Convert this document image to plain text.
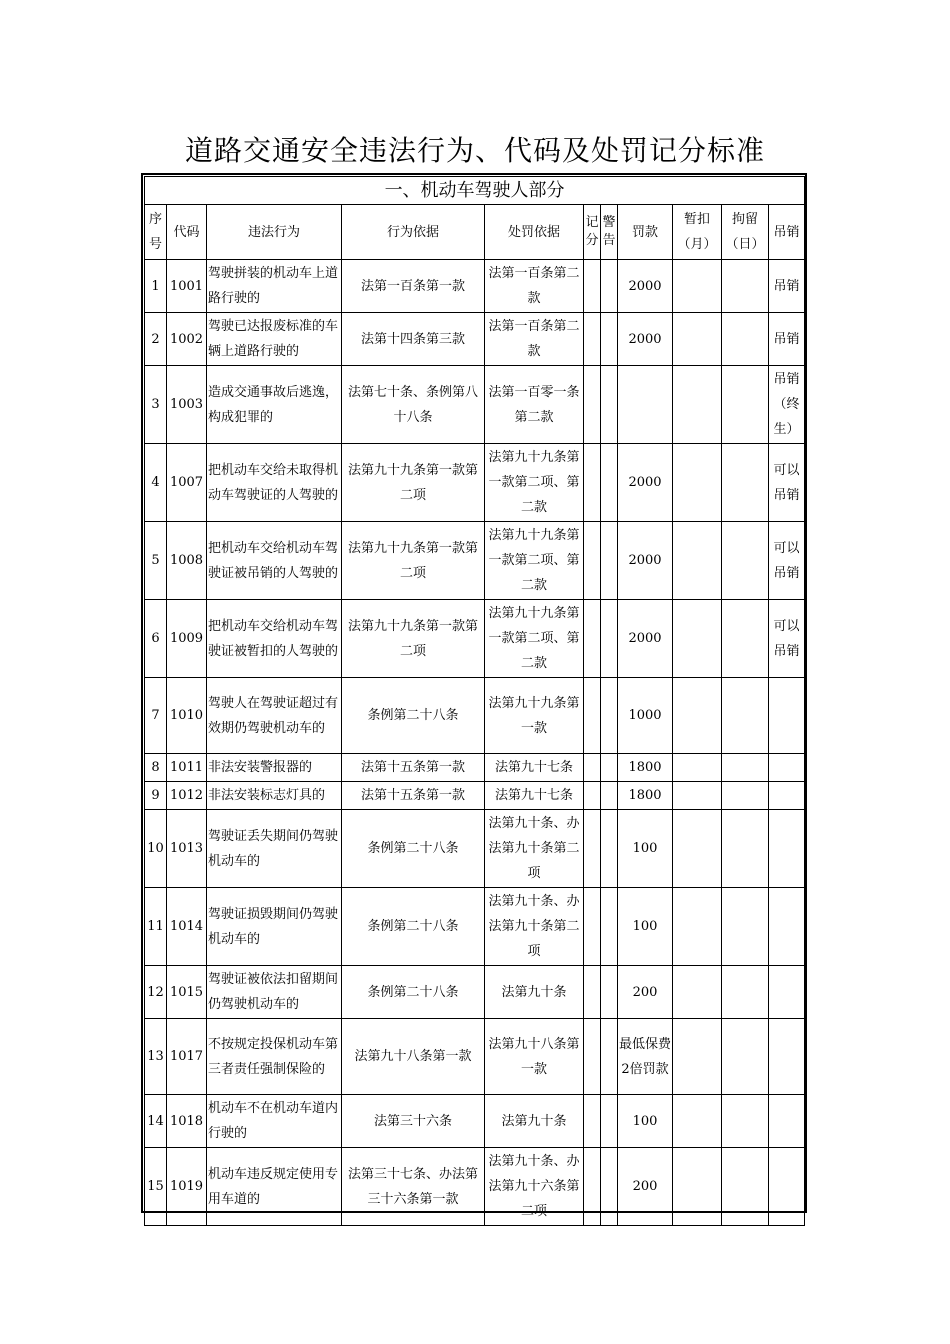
道路交通安全违法行为、代码及处罚记分标准
一、机动车驾驶人部分										
序号	代码	违法行为	行为依据	处罚依据	记分	警告	罚款	暂扣（月）	拘留（日）	吊销
1	1001	驾驶拼装的机动车上道路行驶的	法第一百条第一款	法第一百条第二款			2000			吊销
2	1002	驾驶已达报废标准的车辆上道路行驶的	法第十四条第三款	法第一百条第二款			2000			吊销
3	1003	造成交通事故后逃逸，构成犯罪的	法第七十条、条例第八十八条	法第一百零一条第二款						吊销（终生）
4	1007	把机动车交给未取得机动车驾驶证的人驾驶的	法第九十九条第一款第二项	法第九十九条第一款第二项、第二款			2000			可以吊销
5	1008	把机动车交给机动车驾驶证被吊销的人驾驶的	法第九十九条第一款第二项	法第九十九条第一款第二项、第二款			2000			可以吊销
6	1009	把机动车交给机动车驾驶证被暂扣的人驾驶的	法第九十九条第一款第二项	法第九十九条第一款第二项、第二款			2000			可以吊销
7	1010	驾驶人在驾驶证超过有效期仍驾驶机动车的	条例第二十八条	法第九十九条第一款			1000			
8	1011	非法安装警报器的	法第十五条第一款	法第九十七条			1800			
9	1012	非法安装标志灯具的	法第十五条第一款	法第九十七条			1800			
10	1013	驾驶证丢失期间仍驾驶机动车的	条例第二十八条	法第九十条、办法第九十条第二项			100			
11	1014	驾驶证损毁期间仍驾驶机动车的	条例第二十八条	法第九十条、办法第九十条第二项			100			
12	1015	驾驶证被依法扣留期间仍驾驶机动车的	条例第二十八条	法第九十条			200			
13	1017	不按规定投保机动车第三者责任强制保险的	法第九十八条第一款	法第九十八条第一款			最低保费2倍罚款			
14	1018	机动车不在机动车道内行驶的	法第三十六条	法第九十条			100			
15	1019	机动车违反规定使用专用车道的	法第三十七条、办法第三十六条第一款	法第九十条、办法第九十六条第二项			200			
